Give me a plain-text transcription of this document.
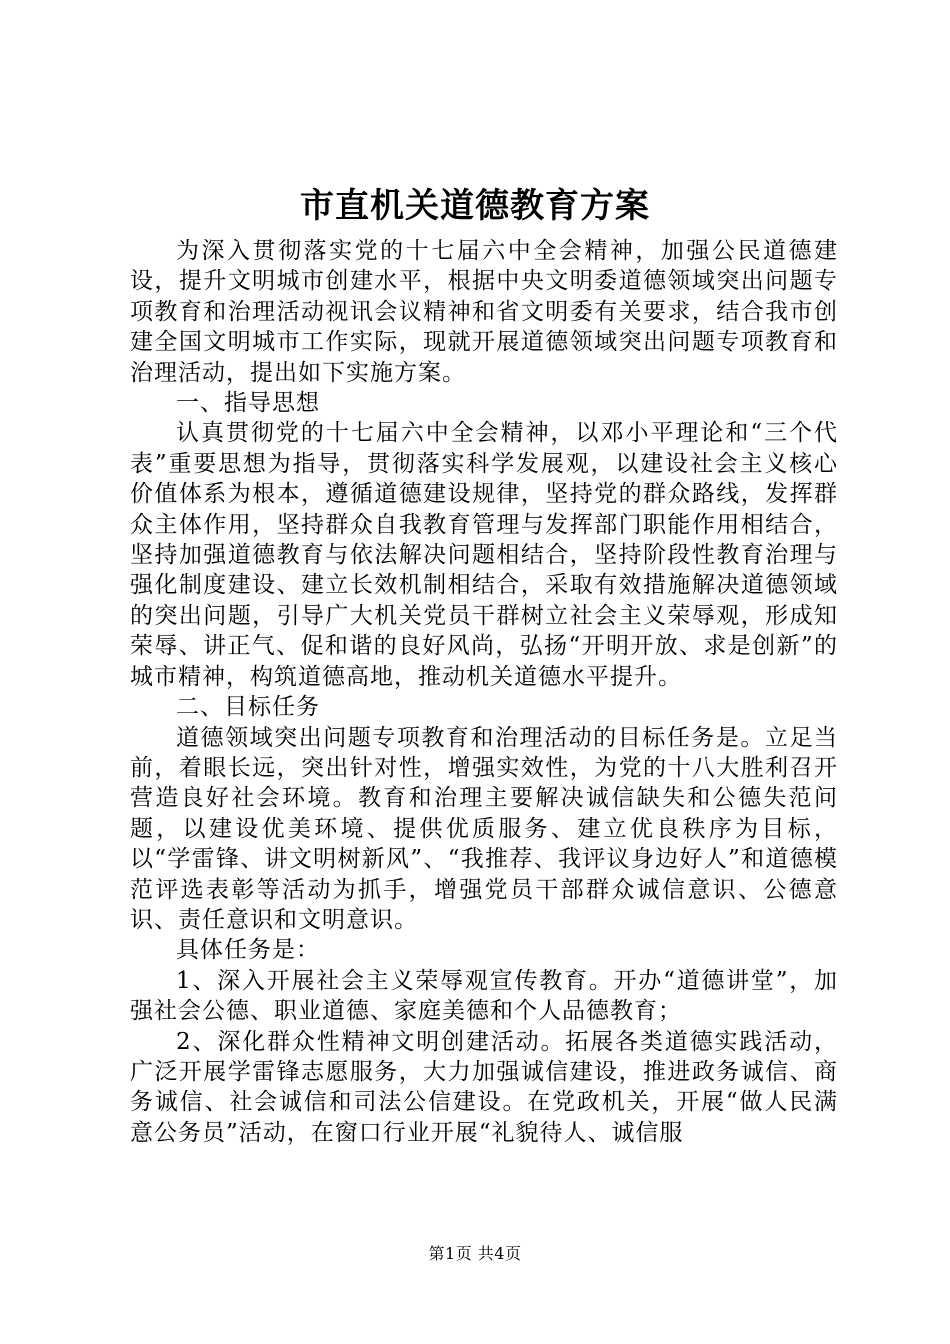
市直机关道德教育方案

为深入贯彻落实党的十七届六中全会精神，加强公民道德建设，提升文明城市创建水平，根据中央文明委道德领域突出问题专项教育和治理活动视讯会议精神和省文明委有关要求，结合我市创建全国文明城市工作实际，现就开展道德领域突出问题专项教育和治理活动，提出如下实施方案。

一、指导思想

认真贯彻党的十七届六中全会精神，以邓小平理论和“三个代表”重要思想为指导，贯彻落实科学发展观，以建设社会主义核心价值体系为根本，遵循道德建设规律，坚持党的群众路线，发挥群众主体作用，坚持群众自我教育管理与发挥部门职能作用相结合，坚持加强道德教育与依法解决问题相结合，坚持阶段性教育治理与强化制度建设、建立长效机制相结合，采取有效措施解决道德领域的突出问题，引导广大机关党员干群树立社会主义荣辱观，形成知荣辱、讲正气、促和谐的良好风尚，弘扬“开明开放、求是创新”的城市精神，构筑道德高地，推动机关道德水平提升。

二、目标任务

道德领域突出问题专项教育和治理活动的目标任务是。立足当前，着眼长远，突出针对性，增强实效性，为党的十八大胜利召开营造良好社会环境。教育和治理主要解决诚信缺失和公德失范问题，以建设优美环境、提供优质服务、建立优良秩序为目标，以“学雷锋、讲文明树新风”、“我推荐、我评议身边好人”和道德模范评选表彰等活动为抓手，增强党员干部群众诚信意识、公德意识、责任意识和文明意识。

具体任务是：

1、深入开展社会主义荣辱观宣传教育。开办“道德讲堂”，加强社会公德、职业道德、家庭美德和个人品德教育；

2、深化群众性精神文明创建活动。拓展各类道德实践活动，广泛开展学雷锋志愿服务，大力加强诚信建设，推进政务诚信、商务诚信、社会诚信和司法公信建设。在党政机关，开展“做人民满意公务员”活动，在窗口行业开展“礼貌待人、诚信服

第1页 共4页
